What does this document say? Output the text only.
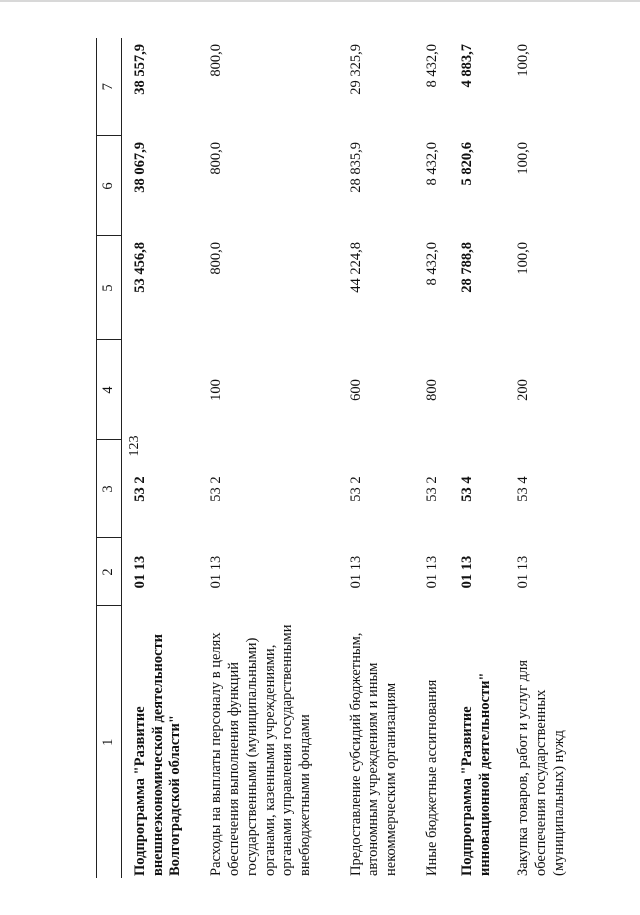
123
1	2	3	4	5	6	7
Подпрограмма "Развитие внешнеэкономической деятельности Волгоградской области"	01 13	53 2		53 456,8	38 067,9	38 557,9
Расходы на выплаты персоналу в целях обеспечения выполнения функций государственными (муниципальными) органами, казенными учреждениями, органами управления государственными внебюджетными фондами	01 13	53 2	100	800,0	800,0	800,0
Предоставление субсидий бюджетным, автономным учреждениям и иным некоммерческим организациям	01 13	53 2	600	44 224,8	28 835,9	29 325,9
Иные бюджетные ассигнования	01 13	53 2	800	8 432,0	8 432,0	8 432,0
Подпрограмма "Развитие инновационной деятельности"	01 13	53 4		28 788,8	5 820,6	4 883,7
Закупка товаров, работ и услуг для обеспечения государственных (муниципальных) нужд	01 13	53 4	200	100,0	100,0	100,0
